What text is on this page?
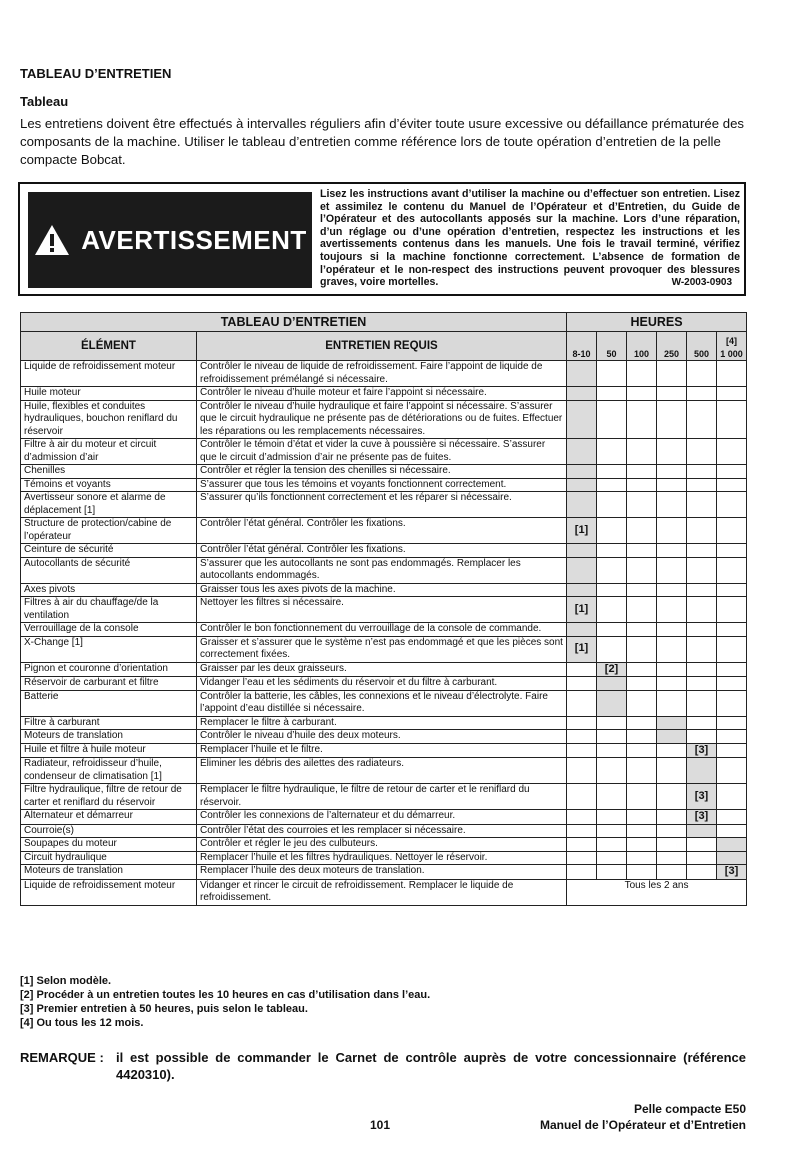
TABLEAU D’ENTRETIEN
Tableau
Les entretiens doivent être effectués à intervalles réguliers afin d’éviter toute usure excessive ou défaillance prématurée des composants de la machine. Utiliser le tableau d’entretien comme référence lors de toute opération d’entretien de la pelle compacte Bobcat.
AVERTISSEMENT
Lisez les instructions avant d’utiliser la machine ou d’effectuer son entretien. Lisez et assimilez le contenu du Manuel de l’Opérateur et d’Entretien, du Guide de l’Opérateur et des autocollants apposés sur la machine. Lors d’une réparation, d’un réglage ou d’une opération d’entretien, respectez les instructions et les avertissements contenus dans les manuels. Une fois le travail terminé, vérifiez toujours si la machine fonctionne correctement. L’absence de formation de l’opérateur et le non-respect des instructions peuvent provoquer des blessures graves, voire mortelles.	W-2003-0903
TABLEAU D’ENTRETIEN		HEURES					
ÉLÉMENT	ENTRETIEN REQUIS	8-10	50	100	250	500	[4]
1 000
Liquide de refroidissement moteur	Contrôler le niveau de liquide de refroidissement. Faire l’appoint de liquide de refroidissement prémélangé si nécessaire.						
Huile moteur	Contrôler le niveau d’huile moteur et faire l’appoint si nécessaire.						
Huile, flexibles et conduites hydrauliques, bouchon reniflard du réservoir	Contrôler le niveau d’huile hydraulique et faire l’appoint si nécessaire. S’assurer que le circuit hydraulique ne présente pas de détériorations ou de fuites. Effectuer les réparations ou les remplacements nécessaires.						
Filtre à air du moteur et circuit d’admission d’air	Contrôler le témoin d’état et vider la cuve à poussière si nécessaire. S’assurer que le circuit d’admission d’air ne présente pas de fuites.						
Chenilles	Contrôler et régler la tension des chenilles si nécessaire.						
Témoins et voyants	S’assurer que tous les témoins et voyants fonctionnent correctement.						
Avertisseur sonore et alarme de déplacement [1]	S’assurer qu’ils fonctionnent correctement et les réparer si nécessaire.						
Structure de protection/cabine de l’opérateur	Contrôler l’état général. Contrôler les fixations.	[1]					
Ceinture de sécurité	Contrôler l’état général. Contrôler les fixations.						
Autocollants de sécurité	S’assurer que les autocollants ne sont pas endommagés. Remplacer les autocollants endommagés.						
Axes pivots	Graisser tous les axes pivots de la machine.						
Filtres à air du chauffage/de la ventilation	Nettoyer les filtres si nécessaire.	[1]					
Verrouillage de la console	Contrôler le bon fonctionnement du verrouillage de la console de commande.						
X-Change [1]	Graisser et s’assurer que le système n’est pas endommagé et que les pièces sont correctement fixées.	[1]					
Pignon et couronne d’orientation	Graisser par les deux graisseurs.		[2]				
Réservoir de carburant et filtre	Vidanger l’eau et les sédiments du réservoir et du filtre à carburant.						
Batterie	Contrôler la batterie, les câbles, les connexions et le niveau d’électrolyte. Faire l’appoint d’eau distillée si nécessaire.						
Filtre à carburant	Remplacer le filtre à carburant.						
Moteurs de translation	Contrôler le niveau d’huile des deux moteurs.						
Huile et filtre à huile moteur	Remplacer l’huile et le filtre.					[3]	
Radiateur, refroidisseur d’huile, condenseur de climatisation [1]	Éliminer les débris des ailettes des radiateurs.						
Filtre hydraulique, filtre de retour de carter et reniflard du réservoir	Remplacer le filtre hydraulique, le filtre de retour de carter et le reniflard du réservoir.					[3]	
Alternateur et démarreur	Contrôler les connexions de l’alternateur et du démarreur.					[3]	
Courroie(s)	Contrôler l’état des courroies et les remplacer si nécessaire.						
Soupapes du moteur	Contrôler et régler le jeu des culbuteurs.						
Circuit hydraulique	Remplacer l’huile et les filtres hydrauliques. Nettoyer le réservoir.						
Moteurs de translation	Remplacer l’huile des deux moteurs de translation.						[3]
Liquide de refroidissement moteur	Vidanger et rincer le circuit de refroidissement. Remplacer le liquide de refroidissement.	Tous les 2 ans					
[1] Selon modèle.
[2] Procéder à un entretien toutes les 10 heures en cas d’utilisation dans l’eau.
[3] Premier entretien à 50 heures, puis selon le tableau.
[4] Ou tous les 12 mois.
REMARQUE : il est possible de commander le Carnet de contrôle auprès de votre concessionnaire (référence 4420310).
Pelle compacte E50
101	Manuel de l’Opérateur et d’Entretien
